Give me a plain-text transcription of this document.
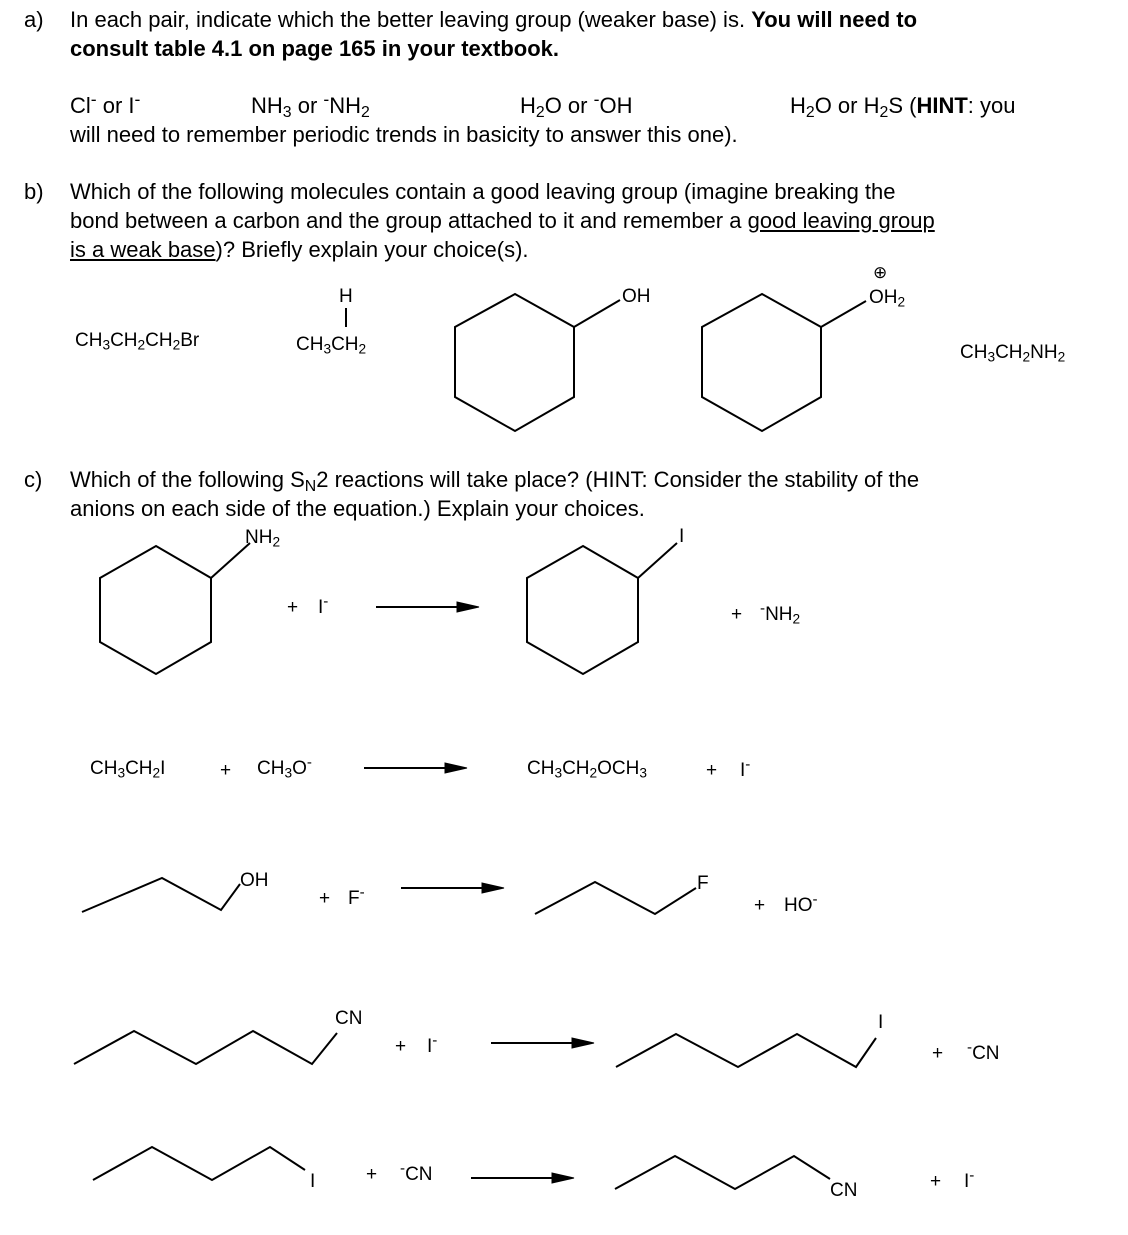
a) In each pair, indicate which the better leaving group (weaker base) is. You will need to
consult table 4.1 on page 165 in your textbook.
Cl- or I-	$NH_3$ or $^-NH_2$	$H_2O$ or -OH	$H_2O$ or $H_2S$ (HINT: you
will need to remember periodic trends in basicity to answer this one).
b) Which of the following molecules contain a good leaving group (imagine breaking the
bond between a carbon and the group attached to it and remember a good leaving group
is a weak base)? Briefly explain your choice(s).
$CH_3CH_2CH_2Br$
H
$CH_3CH_2$
OH
⊕
$OH_2$
$CH_3CH_2NH_2$
c) Which of the following $S_N2$ reactions will take place? (HINT: Consider the stability of the
anions on each side of the equation.) Explain your choices.
$NH_2$
+ I-
I
+ $^-NH_2$
$CH_3CH_2I$	+ $CH_3O^-$	$CH_3CH_2OCH_3$	+ I-
OH
+ F-	F
+ HO-
CN
+ I-
I
+ -CN
I	+ -CN
CN	+ I-
